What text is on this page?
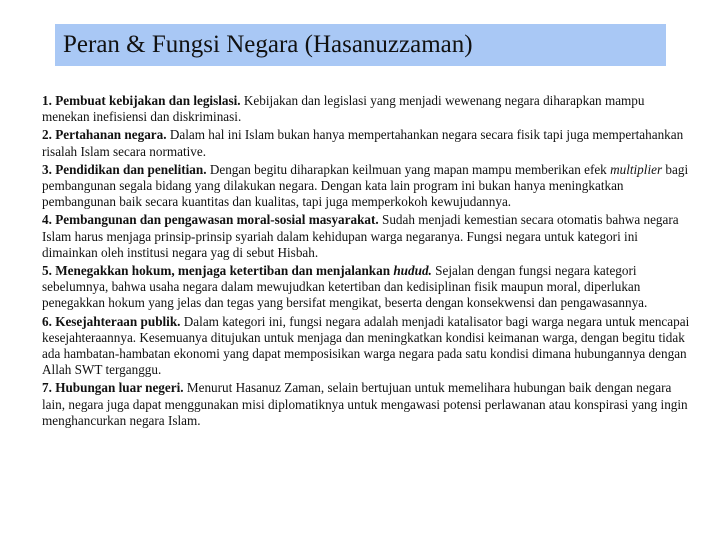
Peran & Fungsi Negara (Hasanuzzaman)
1. Pembuat kebijakan dan legislasi. Kebijakan dan legislasi yang menjadi wewenang negara diharapkan mampu menekan inefisiensi dan diskriminasi.
2. Pertahanan negara. Dalam hal ini Islam bukan hanya mempertahankan negara secara fisik tapi juga mempertahankan risalah Islam secara normative.
3. Pendidikan dan penelitian. Dengan begitu diharapkan keilmuan yang mapan mampu memberikan efek multiplier bagi pembangunan segala bidang yang dilakukan negara. Dengan kata lain program ini bukan hanya meningkatkan pembangunan baik secara kuantitas dan kualitas, tapi juga memperkokoh kewujudannya.
4. Pembangunan dan pengawasan moral-sosial masyarakat. Sudah menjadi kemestian secara otomatis bahwa negara Islam harus menjaga prinsip-prinsip syariah dalam kehidupan warga negaranya. Fungsi negara untuk kategori ini dimainkan oleh institusi negara yag di sebut Hisbah.
5. Menegakkan hokum, menjaga ketertiban dan menjalankan hudud. Sejalan dengan fungsi negara kategori sebelumnya, bahwa usaha negara dalam mewujudkan ketertiban dan kedisiplinan fisik maupun moral, diperlukan penegakkan hokum yang jelas dan tegas yang bersifat mengikat, beserta dengan konsekwensi dan pengawasannya.
6. Kesejahteraan publik. Dalam kategori ini, fungsi negara adalah menjadi katalisator bagi warga negara untuk mencapai kesejahteraannya. Kesemuanya ditujukan untuk menjaga dan meningkatkan kondisi keimanan warga, dengan begitu tidak ada hambatan-hambatan ekonomi yang dapat memposisikan warga negara pada satu kondisi dimana hubungannya dengan Allah SWT terganggu.
7. Hubungan luar negeri. Menurut Hasanuz Zaman, selain bertujuan untuk memelihara hubungan baik dengan negara lain, negara juga dapat menggunakan misi diplomatiknya untuk mengawasi potensi perlawanan atau konspirasi yang ingin menghancurkan negara Islam.
